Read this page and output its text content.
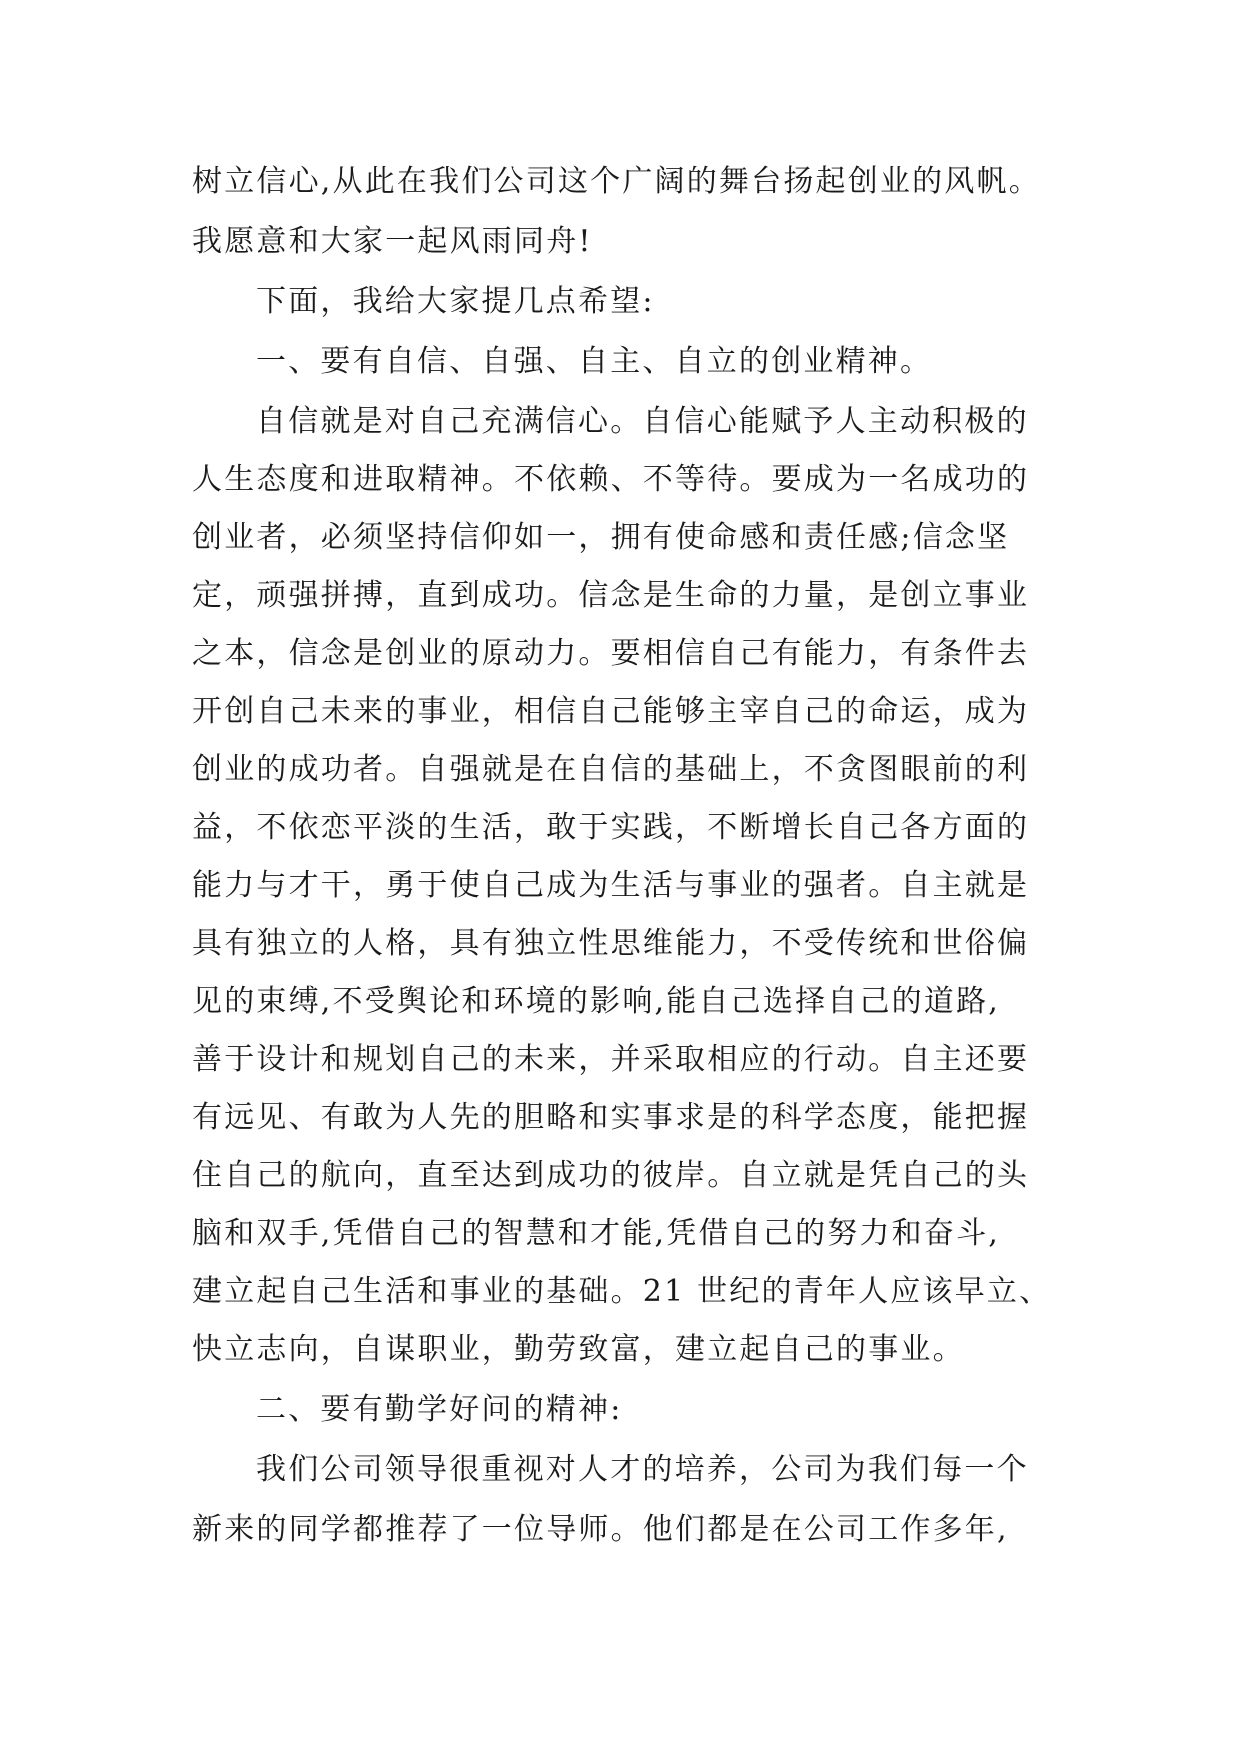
树立信心,从此在我们公司这个广阔的舞台扬起创业的风帆。
我愿意和大家一起风雨同舟!
下面，我给大家提几点希望:
一、要有自信、自强、自主、自立的创业精神。
自信就是对自己充满信心。自信心能赋予人主动积极的
人生态度和进取精神。不依赖、不等待。要成为一名成功的
创业者，必须坚持信仰如一，拥有使命感和责任感;信念坚
定，顽强拼搏，直到成功。信念是生命的力量，是创立事业
之本，信念是创业的原动力。要相信自己有能力，有条件去
开创自己未来的事业，相信自己能够主宰自己的命运，成为
创业的成功者。自强就是在自信的基础上，不贪图眼前的利
益，不依恋平淡的生活，敢于实践，不断增长自己各方面的
能力与才干，勇于使自己成为生活与事业的强者。自主就是
具有独立的人格，具有独立性思维能力，不受传统和世俗偏
见的束缚,不受舆论和环境的影响,能自己选择自己的道路,
善于设计和规划自己的未来，并采取相应的行动。自主还要
有远见、有敢为人先的胆略和实事求是的科学态度，能把握
住自己的航向，直至达到成功的彼岸。自立就是凭自己的头
脑和双手,凭借自己的智慧和才能,凭借自己的努力和奋斗,
建立起自己生活和事业的基础。21 世纪的青年人应该早立、
快立志向，自谋职业，勤劳致富，建立起自己的事业。
二、要有勤学好问的精神:
我们公司领导很重视对人才的培养，公司为我们每一个
新来的同学都推荐了一位导师。他们都是在公司工作多年,
